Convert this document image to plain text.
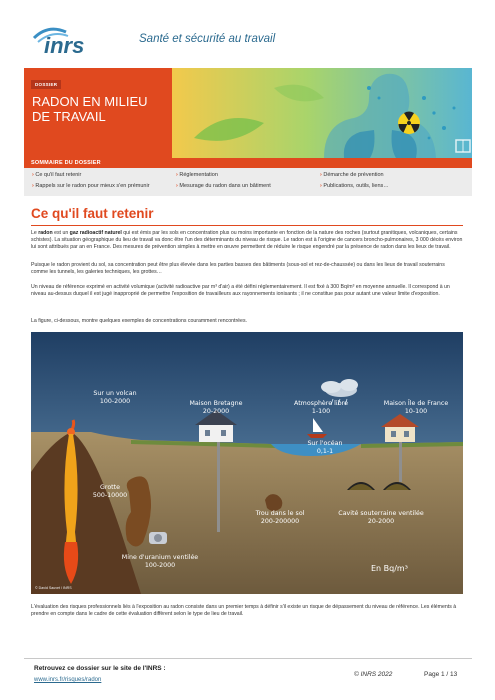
inrs	Santé et sécurité au travail
DOSSIER
RADON EN MILIEU DE TRAVAIL
SOMMAIRE DU DOSSIER
› Ce qu'il faut retenir
› Rappels sur le radon pour mieux s'en prémunir
› Réglementation
› Mesurage du radon dans un bâtiment
› Démarche de prévention
› Publications, outils, liens…
Ce qu'il faut retenir
Le radon est un gaz radioactif naturel qui est émis par les sols en concentration plus ou moins importante en fonction de la nature des roches (surtout granitiques, volcaniques, certains schistes). La situation géographique du lieu de travail va donc être l'un des déterminants du niveau de risque. Le radon est à l'origine de cancers broncho-pulmonaires, 3 000 décès environ lui sont attribués par an en France. Des mesures de prévention simples à mettre en œuvre permettent de réduire le risque engendré par la présence de radon dans les lieux de travail.
Puisque le radon provient du sol, sa concentration peut être plus élevée dans les parties basses des bâtiments (sous-sol et rez-de-chaussée) ou dans les lieux de travail souterrains comme les tunnels, les galeries techniques, les grottes…
Un niveau de référence exprimé en activité volumique (activité radioactive par m³ d'air) a été défini réglementairement. Il est fixé à 300 Bq/m³ en moyenne annuelle. Il correspond à un niveau au-dessus duquel il est jugé inapproprié de permettre l'exposition de travailleurs aux rayonnements ionisants ; il ne constitue pas pour autant une valeur limite d'exposition.
La figure, ci-dessous, montre quelques exemples de concentrations couramment rencontrées.
Sur un volcan
100-2000	Maison Bretagne
20-2000
Atmosphère libre
1-100
Maison Île de France
10-100
Sur l'océan
0,1-1
Grotte
500-10000
Trou dans le sol
200-200000
Cavité souterraine ventilée
20-2000
Mine d'uranium ventilée
100-2000	En Bq/m³
© David Sauvet / INRS
L'évaluation des risques professionnels liés à l'exposition au radon consiste dans un premier temps à définir s'il existe un risque de dépassement du niveau de référence. Les éléments à prendre en compte dans le cadre de cette évaluation diffèrent selon le type de lieu de travail.
Retrouvez ce dossier sur le site de l'INRS :
www.inrs.fr/risques/radon
© INRS 2022	Page 1 / 13
